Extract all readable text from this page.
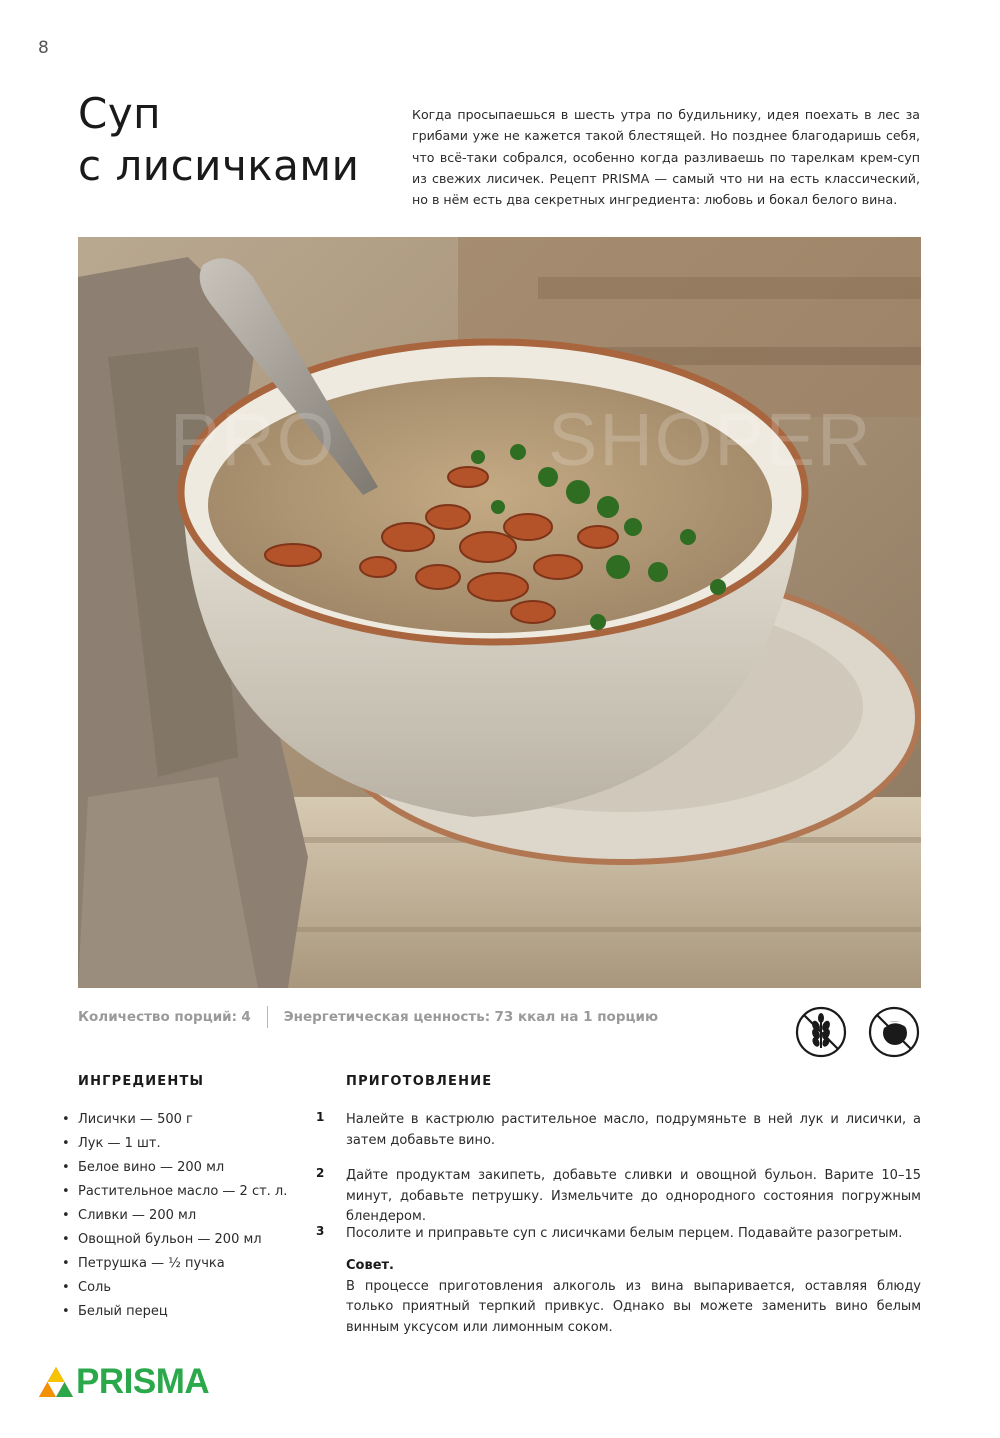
8
Суп
с лисичками

Когда просыпаешься в шесть утра по будильнику, идея поехать в лес за грибами уже не кажется такой блестящей. Но позднее благодаришь себя, что всё-таки собрался, особенно когда разливаешь по тарелкам крем-суп из свежих лисичек. Рецепт PRISMA — самый что ни на есть классический, но в нём есть два секретных ингредиента: любовь и бокал белого вина.

PRO	SHOPER
Количество порций: 4 Энергетическая ценность: 73 ккал на 1 порцию
ИНГРЕДИЕНТЫ
• Лисички — 500 г
• Лук — 1 шт.
• Белое вино — 200 мл
• Растительное масло — 2 ст. л.
• Сливки — 200 мл
• Овощной бульон — 200 мл
• Петрушка — ½ пучка
• Соль
• Белый перец
ПРИГОТОВЛЕНИЕ
1 Налейте в кастрюлю растительное масло, подрумяньте в ней лук и лисички, а затем добавьте вино.

2 Дайте продуктам закипеть, добавьте сливки и овощной бульон. Варите 10–15 минут, добавьте петрушку. Измельчите до однородного состояния погружным блендером.

3 Посолите и приправьте суп с лисичками белым перцем. Подавайте разогретым.

Совет.

В процессе приготовления алкоголь из вина выпаривается, оставляя блюду только приятный терпкий привкус. Однако вы можете заменить вино белым винным уксусом или лимонным соком.

PRISMA
